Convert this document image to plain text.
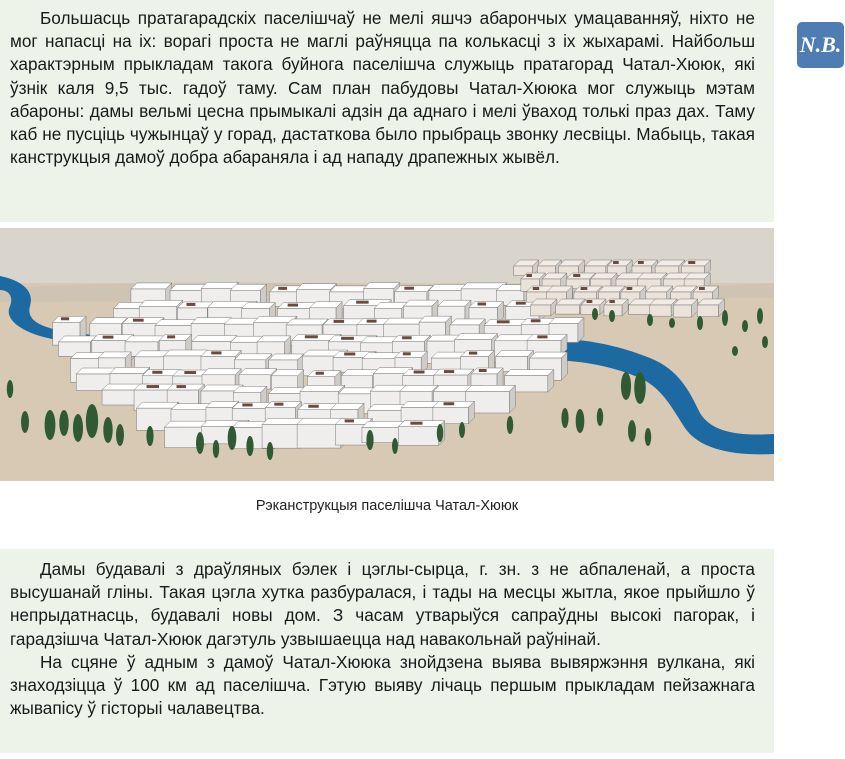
Большасць пратагарадскіх паселішчаў не мелі яшчэ абарончых умацаванняў, ніхто не мог напасці на іх: ворагі проста не маглі раўняцца па колькасці з іх жыхарамі. Найбольш характэрным прыкладам такога буйнога паселішча служыць пратагорад Чатал-Хююк, які ўзнік каля 9,5 тыс. гадоў таму. Сам план пабудовы Чатал-Хююка мог служыць мэтам абароны: дамы вельмі цесна прымыкалі адзін да аднаго і мелі ўваход толькі праз дах. Таму каб не пусціць чужынцаў у горад, дастаткова было прыбраць звонку лесвіцы. Мабыць, такая канструкцыя дамоў добра абараняла і ад нападу драпежных жывёл.

N.B.
Рэканструкцыя паселішча Чатал-Хююк

Дамы будавалі з драўляных бэлек і цэглы-сырца, г. зн. з не абпаленай, а проста высушанай гліны. Такая цэгла хутка разбуралася, і тады на месцы жытла, якое прыйшло ў непрыдатнасць, будавалі новы дом. З часам утварыўся сапраўдны высокі пагорак, і гарадзішча Чатал-Хююк дагэтуль узвышаецца над навакольнай раўнінай.

На сцяне ў адным з дамоў Чатал-Хююка знойдзена выява вывяржэння вулкана, які знаходзіцца ў 100 км ад паселішча. Гэтую выяву лічаць першым прыкладам пейзажнага жывапісу ў гісторыі чалавецтва.
